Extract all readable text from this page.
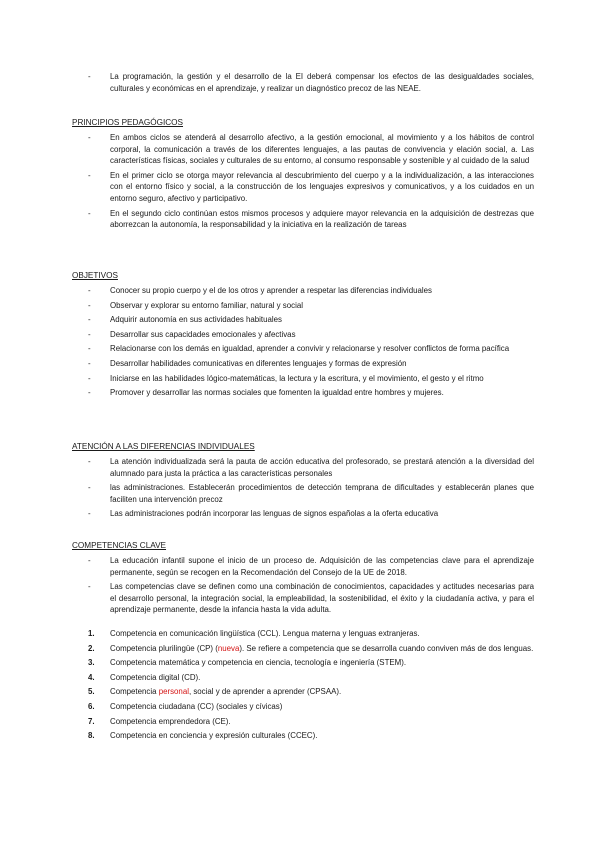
- La programación, la gestión y el desarrollo de la EI deberá compensar los efectos de las desigualdades sociales, culturales y económicas en el aprendizaje, y realizar un diagnóstico precoz de las NEAE.
PRINCIPIOS PEDAGÓGICOS
- En ambos ciclos se atenderá al desarrollo afectivo, a la gestión emocional, al movimiento y a los hábitos de control corporal, la comunicación a través de los diferentes lenguajes, a las pautas de convivencia y elación social, a. Las características físicas, sociales y culturales de su entorno, al consumo responsable y sostenible y al cuidado de la salud
- En el primer ciclo se otorga mayor relevancia al descubrimiento del cuerpo y a la individualización, a las interacciones con el entorno físico y social, a la construcción de los lenguajes expresivos y comunicativos, y a los cuidados en un entorno seguro, afectivo y participativo.
- En el segundo ciclo continúan estos mismos procesos y adquiere mayor relevancia en la adquisición de destrezas que aborrezcan la autonomía, la responsabilidad y la iniciativa en la realización de tareas
OBJETIVOS
- Conocer su propio cuerpo y el de los otros y aprender a respetar las diferencias individuales
- Observar y explorar su entorno familiar, natural y social
- Adquirir autonomía en sus actividades habituales
- Desarrollar sus capacidades emocionales y afectivas
- Relacionarse con los demás en igualdad, aprender a convivir y relacionarse y resolver conflictos de forma pacífica
- Desarrollar habilidades comunicativas en diferentes lenguajes y formas de expresión
- Iniciarse en las habilidades lógico-matemáticas, la lectura y la escritura, y el movimiento, el gesto y el ritmo
- Promover y desarrollar las normas sociales que fomenten la igualdad entre hombres y mujeres.
ATENCIÓN A LAS DIFERENCIAS INDIVIDUALES
- La atención individualizada será la pauta de acción educativa del profesorado, se prestará atención a la diversidad del alumnado para justa la práctica a las características personales
- las administraciones. Establecerán procedimientos de detección temprana de dificultades y establecerán planes que faciliten una intervención precoz
- Las administraciones podrán incorporar las lenguas de signos españolas a la oferta educativa
COMPETENCIAS CLAVE
- La educación infantil supone el inicio de un proceso de. Adquisición de las competencias clave para el aprendizaje permanente, según se recogen en la Recomendación del Consejo de la UE de 2018.
- Las competencias clave se definen como una combinación de conocimientos, capacidades y actitudes necesarias para el desarrollo personal, la integración social, la empleabilidad, la sostenibilidad, el éxito y la ciudadanía activa, y para el aprendizaje permanente, desde la infancia hasta la vida adulta.
1. Competencia en comunicación lingüística (CCL). Lengua materna y lenguas extranjeras.
2. Competencia plurilingüe (CP) (nueva). Se refiere a competencia que se desarrolla cuando conviven más de dos lenguas.
3. Competencia matemática y competencia en ciencia, tecnología e ingeniería (STEM).
4. Competencia digital (CD).
5. Competencia personal, social y de aprender a aprender (CPSAA).
6. Competencia ciudadana (CC) (sociales y cívicas)
7. Competencia emprendedora (CE).
8. Competencia en conciencia y expresión culturales (CCEC).
